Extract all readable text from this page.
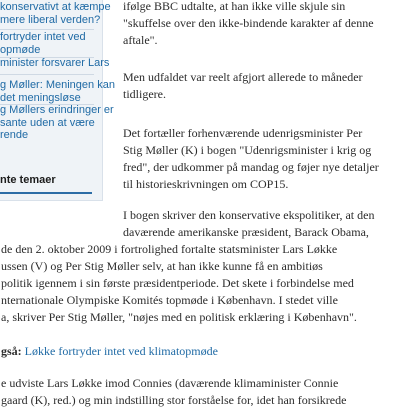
konservativt at kæmpe
mere liberal verden?
fortryder intet ved
opmøde
minister forsvarer Lars
g Møller: Meningen kan
det meningsløse
g Møllers erindringer er
sante uden at være
rende
nte temaer
ifølge BBC udtalte, at han ikke ville skjule sin
"skuffelse over den ikke-bindende karakter af denne
aftale".
Men udfaldet var reelt afgjort allerede to måneder
tidligere.
Det fortæller forhenværende udenrigsminister Per
Stig Møller (K) i bogen "Udenrigsminister i krig og
fred", der udkommer på mandag og føjer nye detaljer
til historieskrivningen om COP15.
I bogen skriver den konservative ekspolitiker, at den
daværende amerikanske præsident, Barack Obama,
de den 2. oktober 2009 i fortrolighed fortalte statsminister Lars Løkke
ussen (V) og Per Stig Møller selv, at han ikke kunne få en ambitiøs
politik igennem i sin første præsidentperiode. Det skete i forbindelse med
nternationale Olympiske Komités topmøde i København. I stedet ville
a, skriver Per Stig Møller, "nøjes med en politisk erklæring i København".
gså: Løkke fortryder intet ved klimatopmøde
e udviste Lars Løkke imod Connies (daværende klimaminister Connie
gaard (K), red.) og min indstilling stor forståelse for, idet han forsikrede
